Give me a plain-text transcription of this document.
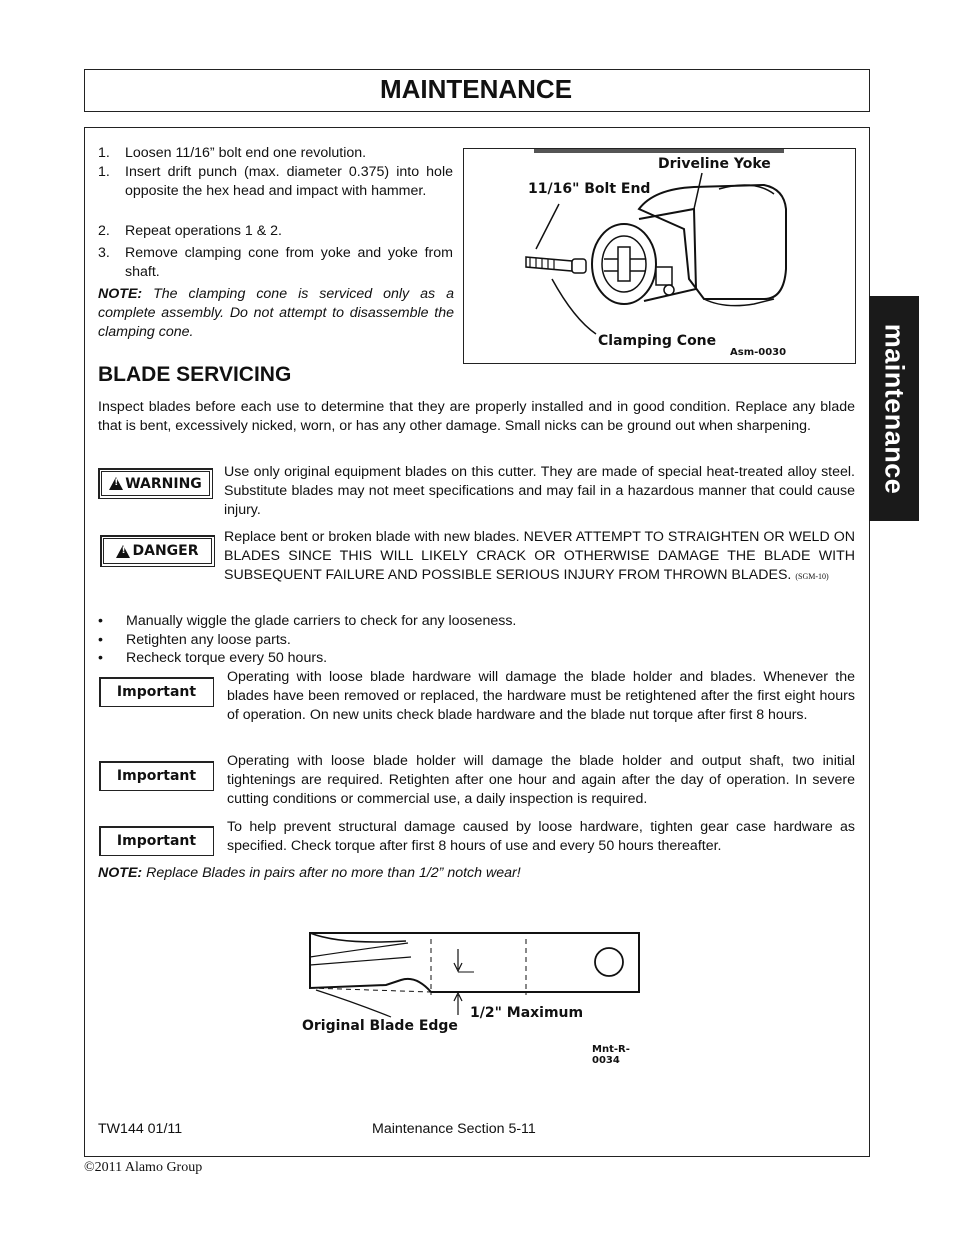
MAINTENANCE
maintenance
1. Loosen 11/16” bolt end one revolution.
1. Insert drift punch (max. diameter 0.375) into hole opposite the hex head and impact with hammer.
2. Repeat operations 1 & 2.
3. Remove clamping cone from yoke and yoke from shaft.
NOTE: The clamping cone is serviced only as a complete assembly. Do not attempt to disassemble the clamping cone.
Driveline Yoke
11/16" Bolt End
Clamping Cone
Asm-0030
BLADE SERVICING
Inspect blades before each use to determine that they are properly installed and in good condition. Replace any blade that is bent, excessively nicked, worn, or has any other damage. Small nicks can be ground out when sharpening.
!
WARNING
Use only original equipment blades on this cutter. They are made of special heat-treated alloy steel. Substitute blades may not meet specifications and may fail in a hazardous manner that could cause injury.
!
DANGER
Replace bent or broken blade with new blades. NEVER ATTEMPT TO STRAIGHTEN OR WELD ON BLADES SINCE THIS WILL LIKELY CRACK OR OTHERWISE DAMAGE THE BLADE WITH SUBSEQUENT FAILURE AND POSSIBLE SERIOUS INJURY FROM THROWN BLADES. (SGM-10)
• Manually wiggle the glade carriers to check for any looseness.
• Retighten any loose parts.
• Recheck torque every 50 hours.
Important
Operating with loose blade hardware will damage the blade holder and blades. Whenever the blades have been removed or replaced, the hardware must be retightened after the first eight hours of operation. On new units check blade hardware and the blade nut torque after first 8 hours.
Important
Operating with loose blade holder will damage the blade holder and output shaft, two initial tightenings are required. Retighten after one hour and again after the day of operation. In severe cutting conditions or commercial use, a daily inspection is required.
Important
To help prevent structural damage caused by loose hardware, tighten gear case hardware as specified. Check torque after first 8 hours of use and every 50 hours thereafter.
NOTE: Replace Blades in pairs after no more than 1/2” notch wear!
1/2" Maximum
Original Blade Edge
Mnt-R-0034
TW144 01/11	Maintenance Section 5-11
©2011 Alamo Group
